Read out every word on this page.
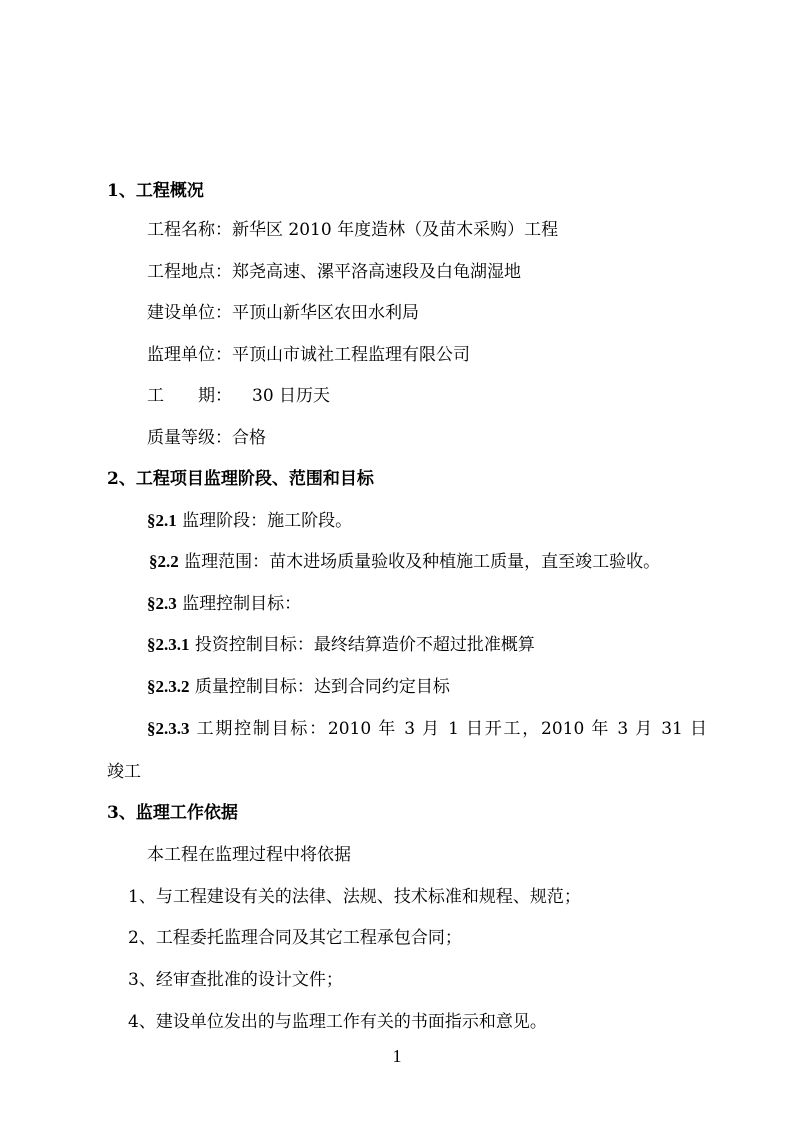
1、工程概况
工程名称：新华区 2010 年度造林（及苗木采购）工程
工程地点：郑尧高速、漯平洛高速段及白龟湖湿地
建设单位：平顶山新华区农田水利局
监理单位：平顶山市诚社工程监理有限公司
工　　期： 30 日历天
质量等级：合格
2、工程项目监理阶段、范围和目标
§2.1 监理阶段：施工阶段。
§2.2 监理范围：苗木进场质量验收及种植施工质量，直至竣工验收。
§2.3 监理控制目标：
§2.3.1 投资控制目标：最终结算造价不超过批准概算
§2.3.2 质量控制目标：达到合同约定目标
§2.3.3 工期控制目标：2010 年 3 月 1 日开工，2010 年 3 月 31 日
竣工
3、监理工作依据
本工程在监理过程中将依据
1、与工程建设有关的法律、法规、技术标准和规程、规范；
2、工程委托监理合同及其它工程承包合同；
3、经审查批准的设计文件；
4、建设单位发出的与监理工作有关的书面指示和意见。
1
